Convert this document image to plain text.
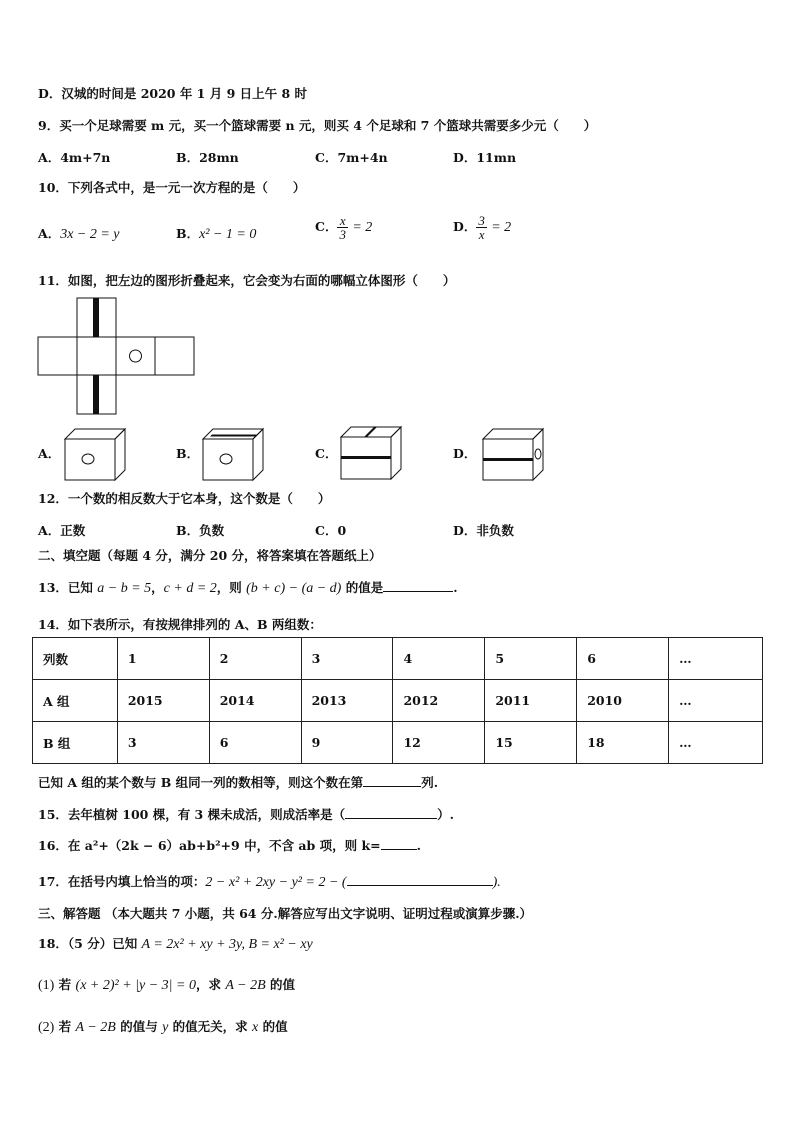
D．汉城的时间是 2020 年 1 月 9 日上午 8 时
9．买一个足球需要 m 元，买一个篮球需要 n 元，则买 4 个足球和 7 个篮球共需要多少元（　　）
A．4m+7n	B．28mn	C．7m+4n	D．11mn
10．下列各式中，是一元一次方程的是（　　）
A．3x − 2 = y	B．x² − 1 = 0
C． $\frac{x}{3} = 2$	D． $\frac{3}{x} = 2$
11．如图，把左边的图形折叠起来，它会变为右面的哪幅立体图形（　　）
A．	B．	C．	D．
12．一个数的相反数大于它本身，这个数是（　　）
A．正数	B．负数	C．0	D．非负数
二、填空题（每题 4 分，满分 20 分，将答案填在答题纸上）
13．已知 a − b = 5，c + d = 2，则 (b + c) − (a − d) 的值是	.
14．如下表所示，有按规律排列的 A、B 两组数：
列数	1	2	3	4	5	6	…
A 组	2015	2014	2013	2012	2011	2010	…
B 组	3	6	9	12	15	18	…
已知 A 组的某个数与 B 组同一列的数相等，则这个数在第	列.
15．去年植树 100 棵，有 3 棵未成活，则成活率是（	）.
16．在 a²+（2k − 6）ab+b²+9 中，不含 ab 项，则 k=	.
17．在括号内填上恰当的项：2 − x² + 2xy − y² = 2 − (	).
三、解答题 （本大题共 7 小题，共 64 分.解答应写出文字说明、证明过程或演算步骤.）
18．（5 分）已知 A = 2x² + xy + 3y, B = x² − xy
(1) 若 (x + 2)² + |y − 3| = 0，求 A − 2B 的值
(2) 若 A − 2B 的值与 y 的值无关，求 x 的值
